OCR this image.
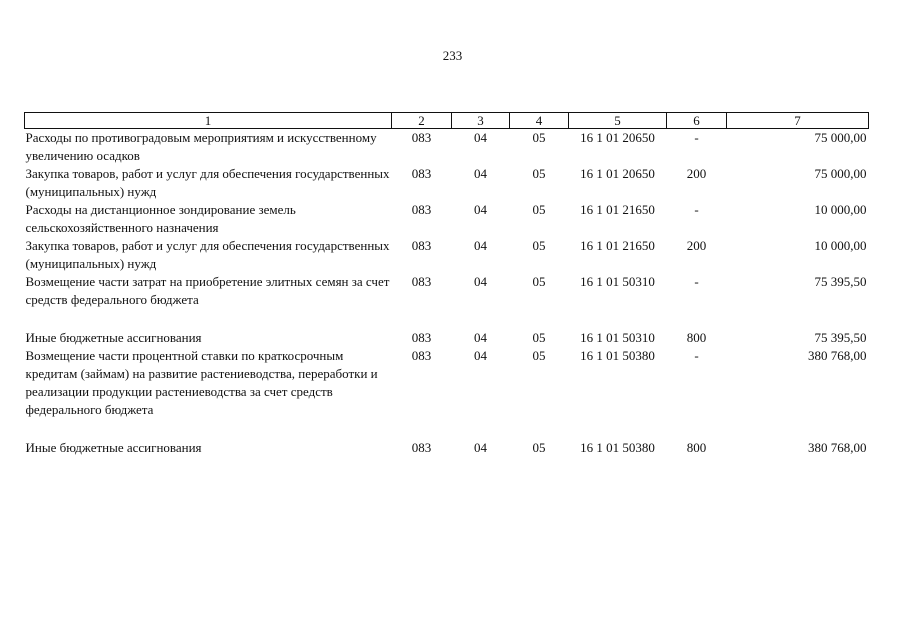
233
1	2	3	4	5	6	7
Расходы по противоградовым мероприятиям и искусственному увеличению осадков	083	04	05	16 1 01 20650	-	75 000,00
Закупка товаров, работ и услуг для обеспечения государственных (муниципальных) нужд	083	04	05	16 1 01 20650	200	75 000,00
Расходы на дистанционное зондирование земель сельскохозяйственного назначения	083	04	05	16 1 01 21650	-	10 000,00
Закупка товаров, работ и услуг для обеспечения государственных (муниципальных) нужд	083	04	05	16 1 01 21650	200	10 000,00
Возмещение части затрат на приобретение элитных семян за счет средств федерального бюджета	083	04	05	16 1 01 50310	-	75 395,50
Иные бюджетные ассигнования	083	04	05	16 1 01 50310	800	75 395,50
Возмещение части процентной ставки по краткосрочным кредитам (займам) на развитие растениеводства, переработки и реализации продукции растениеводства за счет средств федерального бюджета	083	04	05	16 1 01 50380	-	380 768,00
Иные бюджетные ассигнования	083	04	05	16 1 01 50380	800	380 768,00
